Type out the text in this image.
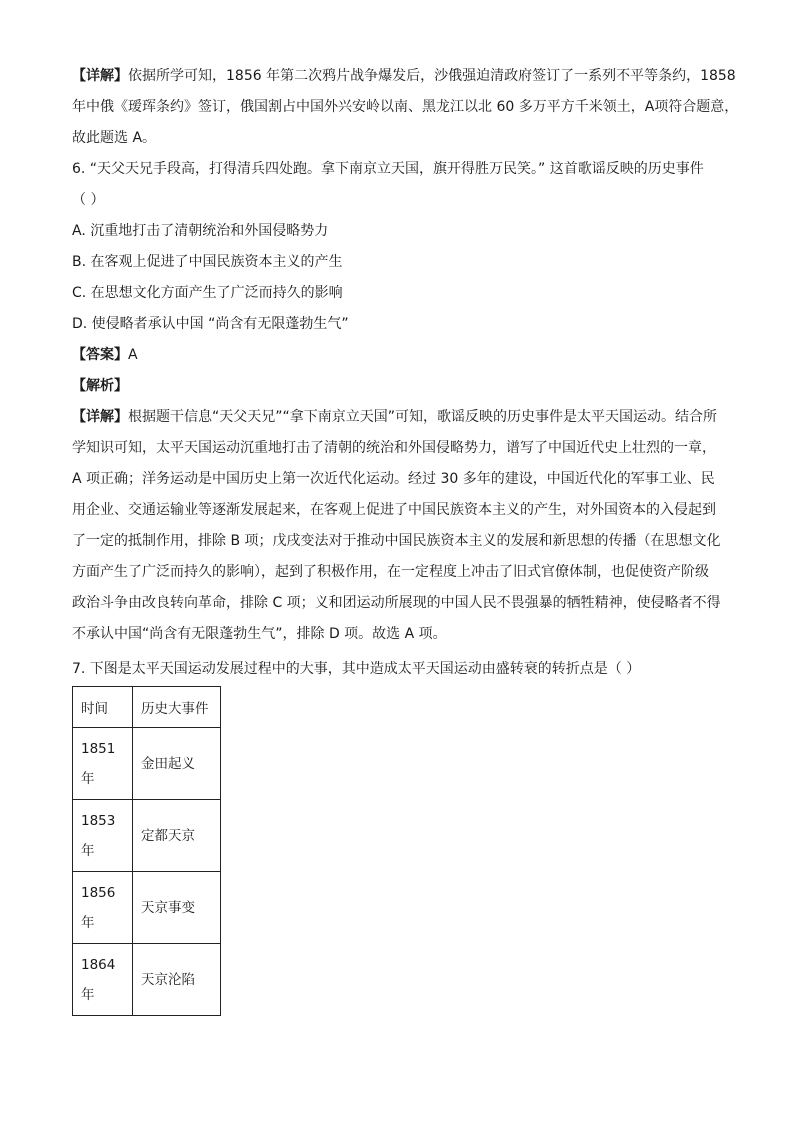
【详解】依据所学可知，1856 年第二次鸦片战争爆发后，沙俄强迫清政府签订了一系列不平等条约，1858
年中俄《瑷珲条约》签订，俄国割占中国外兴安岭以南、黑龙江以北 60 多万平方千米领土，A项符合题意，
故此题选 A。
6. “天父天兄手段高，打得清兵四处跑。拿下南京立天国，旗开得胜万民笑。” 这首歌谣反映的历史事件
（ ）
A. 沉重地打击了清朝统治和外国侵略势力
B. 在客观上促进了中国民族资本主义的产生
C. 在思想文化方面产生了广泛而持久的影响
D. 使侵略者承认中国 “尚含有无限蓬勃生气”
【答案】A
【解析】
【详解】根据题干信息“天父天兄”“拿下南京立天国”可知，歌谣反映的历史事件是太平天国运动。结合所
学知识可知，太平天国运动沉重地打击了清朝的统治和外国侵略势力，谱写了中国近代史上壮烈的一章，
A 项正确；洋务运动是中国历史上第一次近代化运动。经过 30 多年的建设，中国近代化的军事工业、民
用企业、交通运输业等逐渐发展起来，在客观上促进了中国民族资本主义的产生，对外国资本的入侵起到
了一定的抵制作用，排除 B 项；戊戌变法对于推动中国民族资本主义的发展和新思想的传播（在思想文化
方面产生了广泛而持久的影响），起到了积极作用，在一定程度上冲击了旧式官僚体制，也促使资产阶级
政治斗争由改良转向革命，排除 C 项；义和团运动所展现的中国人民不畏强暴的牺牲精神，使侵略者不得
不承认中国“尚含有无限蓬勃生气”，排除 D 项。故选 A 项。
7. 下图是太平天国运动发展过程中的大事，其中造成太平天国运动由盛转衰的转折点是（ ）
时间	历史大事件

1851
年	金田起义

1853
年	定都天京

1856
年	天京事变

1864
年	天京沦陷
